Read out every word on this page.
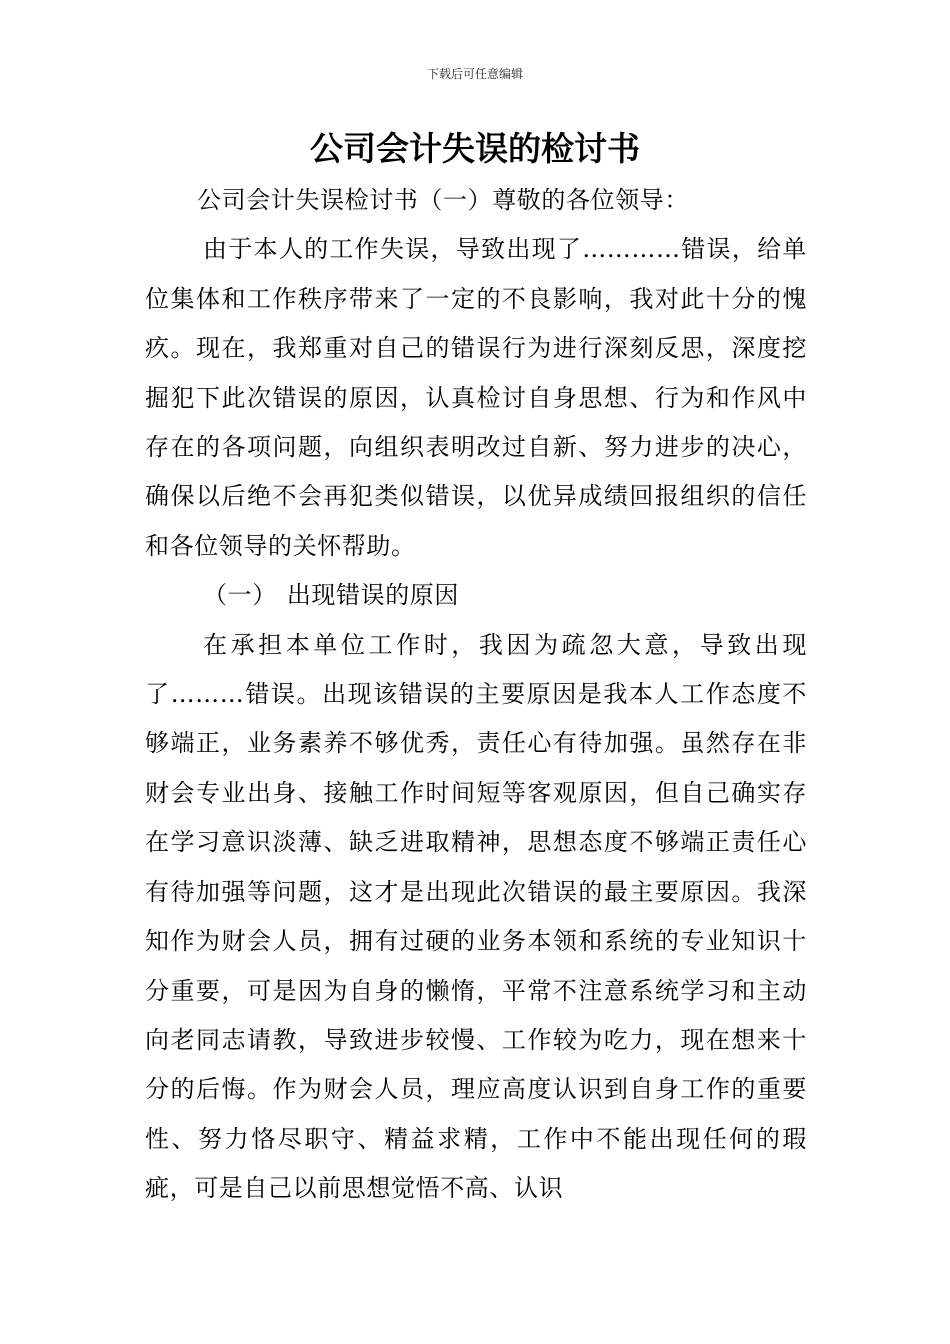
下载后可任意编辑
公司会计失误的检讨书

公司会计失误检讨书（一）尊敬的各位领导：

由于本人的工作失误，导致出现了…………错误，给单位集体和工作秩序带来了一定的不良影响，我对此十分的愧疚。现在，我郑重对自己的错误行为进行深刻反思，深度挖掘犯下此次错误的原因，认真检讨自身思想、行为和作风中存在的各项问题，向组织表明改过自新、努力进步的决心，确保以后绝不会再犯类似错误，以优异成绩回报组织的信任和各位领导的关怀帮助。

（一） 出现错误的原因

在承担本单位工作时，我因为疏忽大意，导致出现了………错误。出现该错误的主要原因是我本人工作态度不够端正，业务素养不够优秀，责任心有待加强。虽然存在非财会专业出身、接触工作时间短等客观原因，但自己确实存在学习意识淡薄、缺乏进取精神，思想态度不够端正责任心有待加强等问题，这才是出现此次错误的最主要原因。我深知作为财会人员，拥有过硬的业务本领和系统的专业知识十分重要，可是因为自身的懒惰，平常不注意系统学习和主动向老同志请教，导致进步较慢、工作较为吃力，现在想来十分的后悔。作为财会人员，理应高度认识到自身工作的重要性、努力恪尽职守、精益求精，工作中不能出现任何的瑕疵，可是自己以前思想觉悟不高、认识
